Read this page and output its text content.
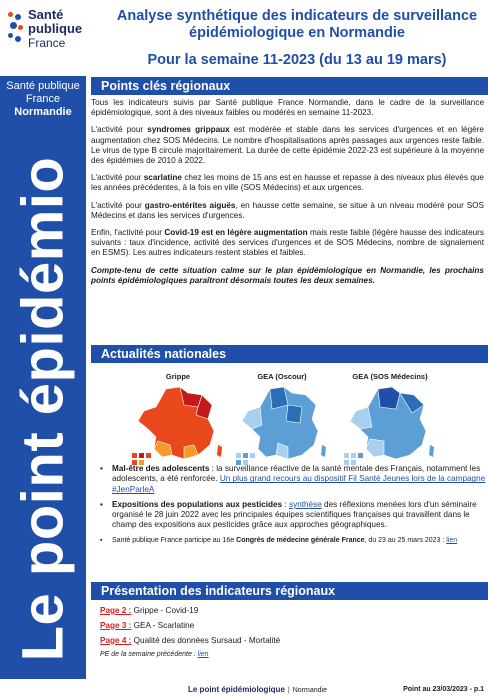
Santé
publique
France
Analyse synthétique des indicateurs de surveillance épidémiologique en Normandie
Pour la semaine 11-2023 (du 13 au 19 mars)
Santé publique France
Normandie
Le point épidémio
Points clés régionaux

Tous les indicateurs suivis par Santé publique France Normandie, dans le cadre de la surveillance épidémiologique, sont à des niveaux faibles ou modérés en semaine 11-2023.

L'activité pour syndromes grippaux est modérée et stable dans les services d'urgences et en légère augmentation chez SOS Médecins. Le nombre d'hospitalisations après passages aux urgences reste faible. Le virus de type B circule majoritairement. La durée de cette épidémie 2022-23 est supérieure à la moyenne des épidémies de 2010 à 2022.

L'activité pour scarlatine chez les moins de 15 ans est en hausse et repasse à des niveaux plus élevés que les années précédentes, à la fois en ville (SOS Médecins) et aux urgences.

L'activité pour gastro-entérites aiguës, en hausse cette semaine, se situe à un niveau modéré pour SOS Médecins et dans les services d'urgences.

Enfin, l'activité pour Covid-19 est en légère augmentation mais reste faible (légère hausse des indicateurs suivants : taux d'incidence, activité des services d'urgences et de SOS Médecins, nombre de signalement en ESMS). Les autres indicateurs restent stables et faibles.

Compte-tenu de cette situation calme sur le plan épidémiologique en Normandie, les prochains points épidémiologiques paraîtront désormais toutes les deux semaines.

Actualités nationales
Grippe	GEA (Oscour)	GEA (SOS Médecins)
▪ Mal-être des adolescents : la surveillance réactive de la santé mentale des Français, notamment les adolescents, a été renforcée. Un plus grand recours au dispositif Fil Santé Jeunes lors de la campagne #JenParleA
▪ Expositions des populations aux pesticides : synthèse des réflexions menées lors d'un séminaire organisé le 28 juin 2022 avec les principales équipes scientifiques françaises qui travaillent dans le champ des expositions aux pesticides grâce aux approches géographiques.
▪ Santé publique France participe au 16e Congrès de médecine générale France, du 23 au 25 mars 2023 : lien
Présentation des indicateurs régionaux
Page 2 : Grippe - Covid-19
Page 3 : GEA - Scarlatine
Page 4 : Qualité des données Sursaud - Mortalité
PE de la semaine précédente : lien
Le point épidémiologique | Normandie	Point au 23/03/2023 - p.1
